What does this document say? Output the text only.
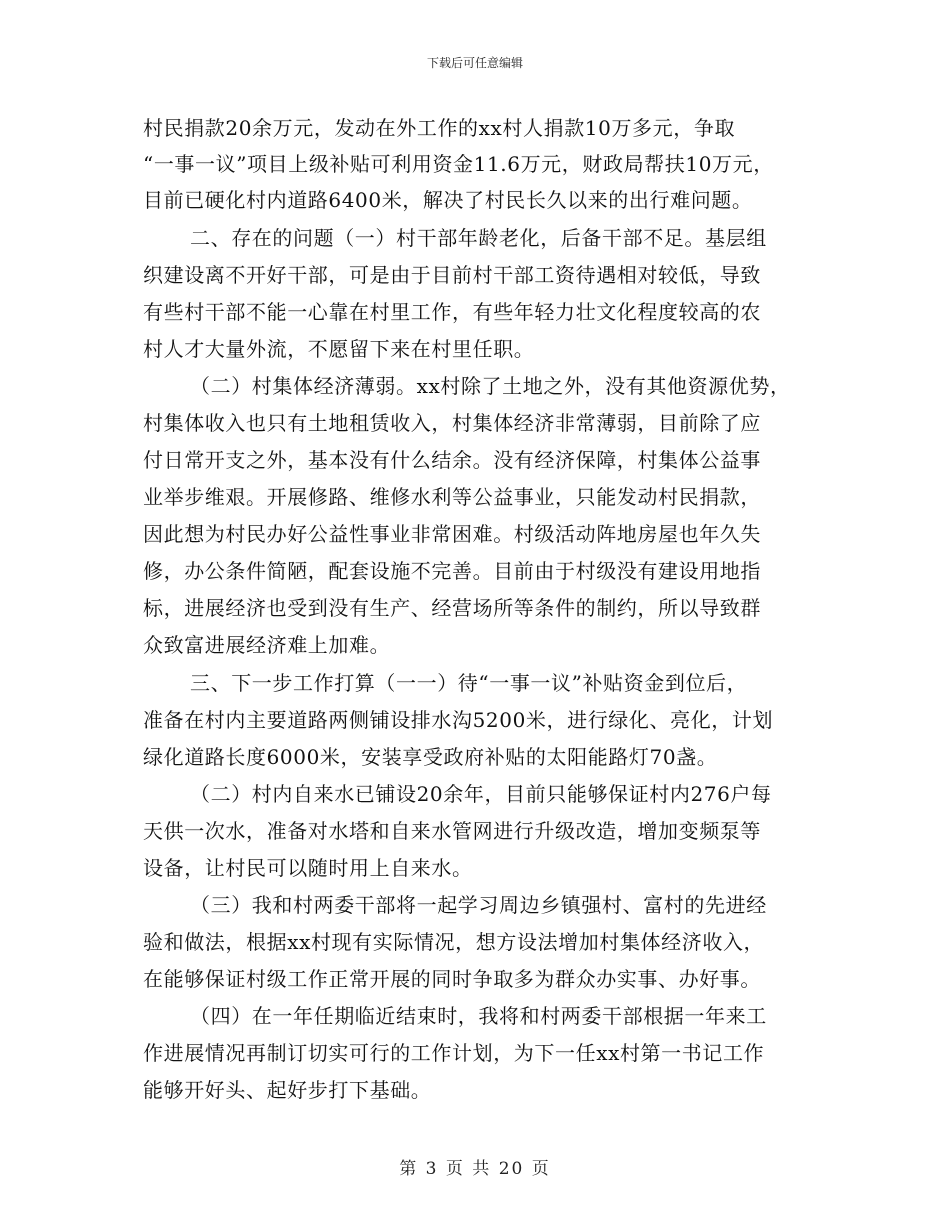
下载后可任意编辑
村民捐款20余万元，发动在外工作的xx村人捐款10万多元，争取
“一事一议”项目上级补贴可利用资金11.6万元，财政局帮扶10万元，
目前已硬化村内道路6400米，解决了村民长久以来的出行难问题。
二、存在的问题（一）村干部年龄老化，后备干部不足。基层组
织建设离不开好干部，可是由于目前村干部工资待遇相对较低，导致
有些村干部不能一心靠在村里工作，有些年轻力壮文化程度较高的农
村人才大量外流，不愿留下来在村里任职。
（二）村集体经济薄弱。xx村除了土地之外，没有其他资源优势，
村集体收入也只有土地租赁收入，村集体经济非常薄弱，目前除了应
付日常开支之外，基本没有什么结余。没有经济保障，村集体公益事
业举步维艰。开展修路、维修水利等公益事业，只能发动村民捐款，
因此想为村民办好公益性事业非常困难。村级活动阵地房屋也年久失
修，办公条件简陋，配套设施不完善。目前由于村级没有建设用地指
标，进展经济也受到没有生产、经营场所等条件的制约，所以导致群
众致富进展经济难上加难。
三、下一步工作打算（一一）待“一事一议”补贴资金到位后，
准备在村内主要道路两侧铺设排水沟5200米，进行绿化、亮化，计划
绿化道路长度6000米，安装享受政府补贴的太阳能路灯70盏。
（二）村内自来水已铺设20余年，目前只能够保证村内276户每
天供一次水，准备对水塔和自来水管网进行升级改造，增加变频泵等
设备，让村民可以随时用上自来水。
（三）我和村两委干部将一起学习周边乡镇强村、富村的先进经
验和做法，根据xx村现有实际情况，想方设法增加村集体经济收入，
在能够保证村级工作正常开展的同时争取多为群众办实事、办好事。
（四）在一年任期临近结束时，我将和村两委干部根据一年来工
作进展情况再制订切实可行的工作计划，为下一任xx村第一书记工作
能够开好头、起好步打下基础。
第 3 页 共 20 页
